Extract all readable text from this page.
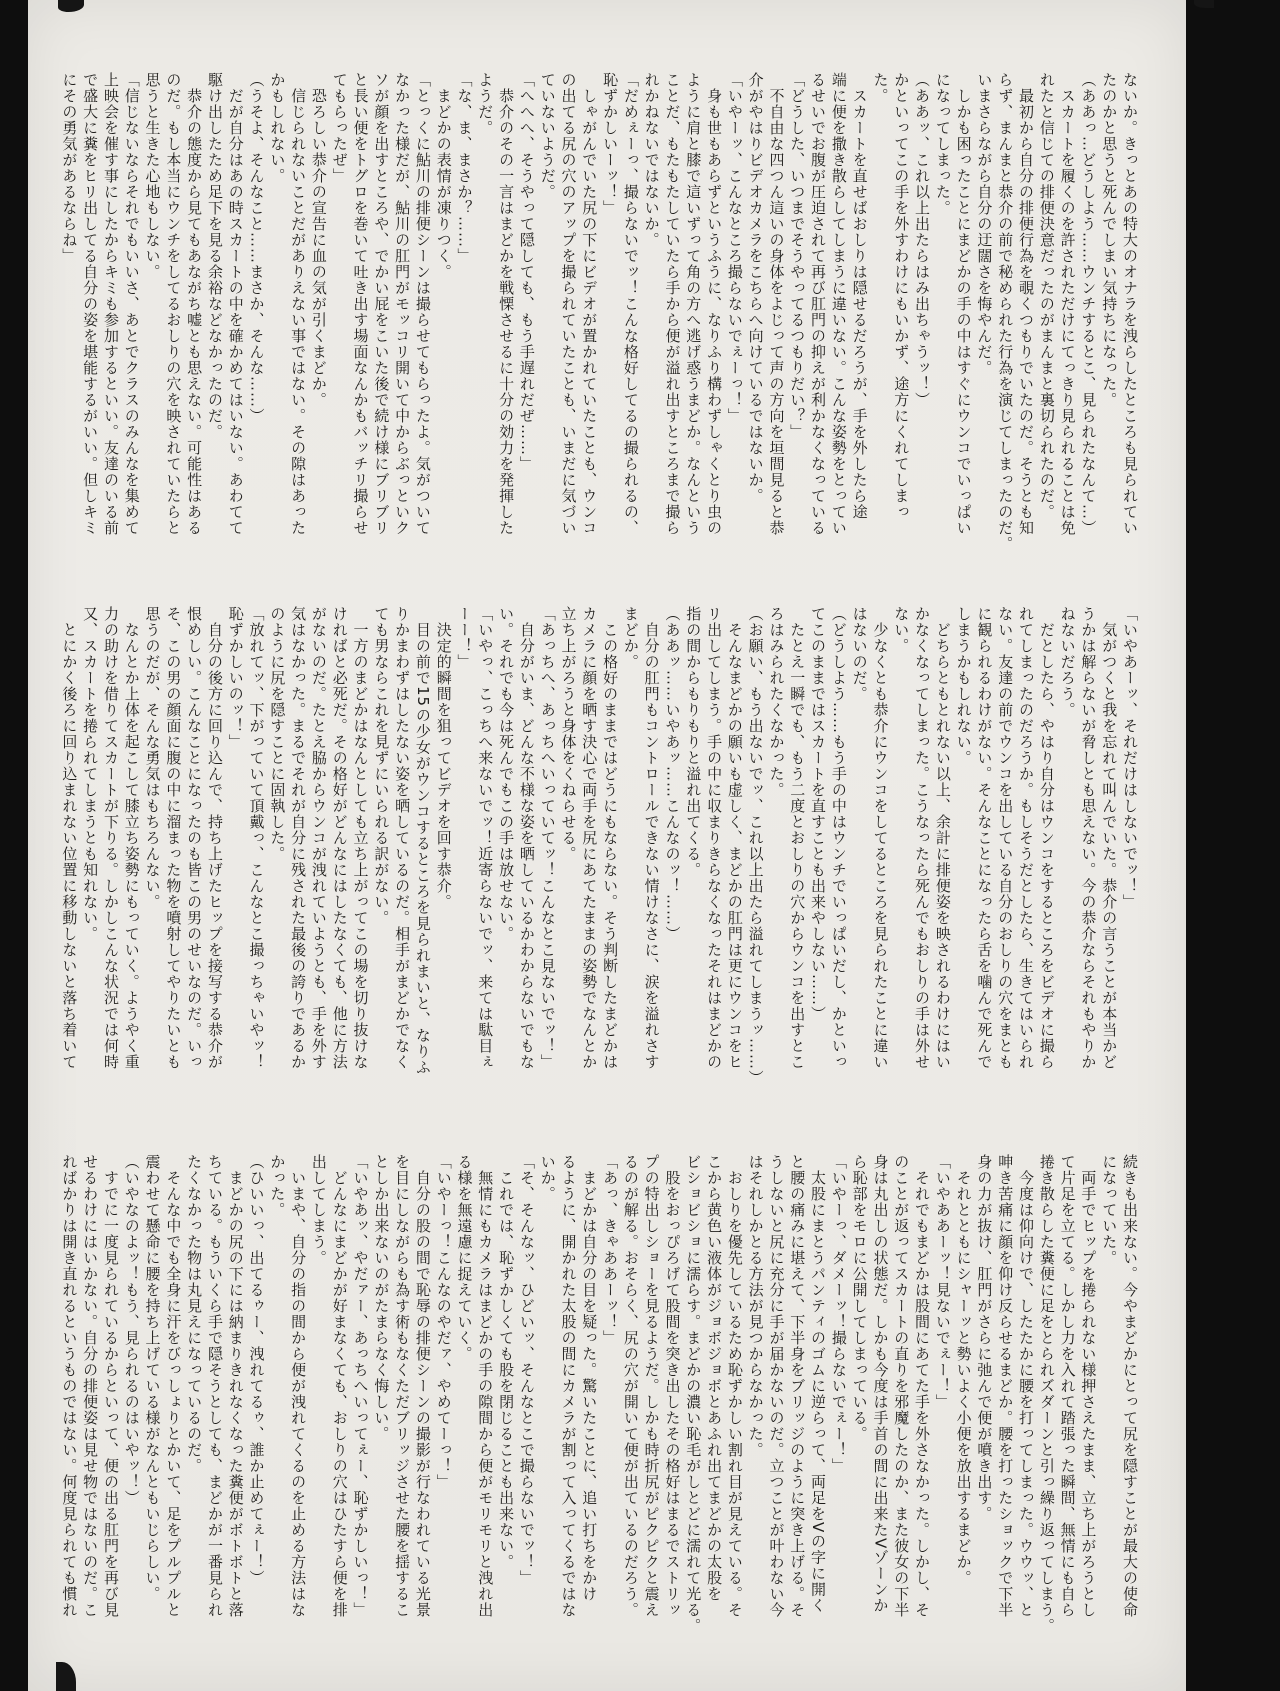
ないか。きっとあの特大のオナラを洩らしたところも見られてい

たのかと思うと死んでしまい気持ちになった。

（ああっ…どうしよう……ウンチするとこ、見られたなんて…）

　スカートを履くのを許されただけにてっきり見られることは免

れたと信じての排便決意だったのがまんまと裏切られたのだ。

　最初から自分の排便行為を覗くつもりでいたのだ。そうとも知

らず、まんまと恭介の前で秘められた行為を演じてしまったのだ。

いまさらながら自分の迂闊さを悔やんだ。

　しかも困ったことにまどかの手の中はすぐにウンコでいっぱい

になってしまった。

（ああッ、これ以上出たらはみ出ちゃうッ！）

かといってこの手を外すわけにもいかず、途方にくれてしまっ

た。

　スカートを直せばおしりは隠せるだろうが、手を外したら途

端に便を撒き散らしてしまうに違いない。こんな姿勢をとってい

るせいでお腹が圧迫されて再び肛門の抑えが利かなくなっている

「どうした、いつまでそうやってるつもりだい？」

　不自由な四つん這いの身体をよじって声の方向を垣間見ると恭

介がやはりビデオカメラをこちらへ向けているではないか。

「いやーッ、こんなところ撮らないでぇーっ！」

　身も世もあらずというふうに、なりふり構わずしゃくとり虫の

ように肩と膝で這いずって角の方へ逃げ惑うまどか。なんという

ことだ、もたもたしていたら手から便が溢れ出すところまで撮ら

れかねないではないか。

「だめぇーっ、撮らないでッ！こんな格好してるの撮られるの、

恥ずかしいーッ！」

　しゃがんでいた尻の下にビデオが置かれていたことも、ウンコ

の出てる尻の穴のアップを撮られていたことも、いまだに気づい

ていないようだ。

「へへへ、そうやって隠しても、もう手遅れだぜ……」

　恭介のその一言はまどかを戦慄させるに十分の効力を発揮した

ようだ。

「な、ま、まさか？……」

　まどかの表情が凍りつく。

「とっくに鮎川の排便シーンは撮らせてもらったよ。気がついて

なかった様だが、鮎川の肛門がモッコリ開いて中からぶっといク

ソが顔を出すところや、でかい屁をこいた後で続け様にブリブリ

と長い便をトグロを巻いて吐き出す場面なんかもバッチリ撮らせ

てもらったぜ」

　恐ろしい恭介の宣告に血の気が引くまどか。

　信じられないことだがありえない事ではない。その隙はあった

かもしれない。

（うそよ、そんなこと……まさか、そんな……）

　だが自分はあの時スカートの中を確かめてはいない。あわてて

駆け出したため足下を見る余裕などなかったのだ。

　恭介の態度から見てもあながち嘘とも思えない。可能性はある

のだ。もし本当にウンチをしてるおしりの穴を映されていたらと

思うと生きた心地もしない。

「信じないならそれでもいいさ、あとでクラスのみんなを集めて

上映会を催す事にしたからキミも参加するといい。友達のいる前

で盛大に糞をヒリ出してる自分の姿を堪能するがいい。但しキミ

にその勇気があるならね」

「いやあーッ、それだけはしないでッ！」

　気がつくと我を忘れて叫んでいた。恭介の言うことが本当かど

うかは解らないが脅しとも思えない。今の恭介ならそれもやりか

ねないだろう。

　だとしたら、やはり自分はウンコをするところをビデオに撮ら

れてしまったのだろうか。もしそうだとしたら、生きてはいられ

ない。友達の前でウンコを出している自分のおしりの穴をまとも

に観られるわけがない。そんなことになったら舌を噛んで死んで

しまうかもしれない。

　どちらともとれない以上、余計に排便姿を映されるわけにはい

かなくなってしまった。こうなったら死んでもおしりの手は外せ

ない。

　少なくとも恭介にウンコをしてるところを見られたことに違い

はないのだ。

（どうしよう……もう手の中はウンチでいっぱいだし、かといっ

てこのままではスカートを直すことも出来やしない……）

　たとえ一瞬でも、もう二度とおしりの穴からウンコを出すとこ

ろはみられたくなかった。

（お願い、もう出ないでッ、これ以上出たら溢れてしまうッ……）

　そんなまどかの願いも虚しく、まどかの肛門は更にウンコをヒ

リ出してしまう。手の中に収まりきらなくなったそれはまどかの

指の間からもりもりと溢れ出てくる。

（ああッ……いやあッ……こんなのッ！……）

　自分の肛門もコントロールできない情けなさに、涙を溢れさす

まどか。

　この格好のままではどうにもならない。そう判断したまどかは

カメラに顔を晒す決心で両手を尻にあてたままの姿勢でなんとか

立ち上がろうと身体をくねらせる。

「あっちへ、あっちへいっていてッ！こんなとこ見ないでッ！」

　自分がいま、どんな不様な姿を晒しているかわからないでもな

い。それでも今は死んでもこの手は放せない。

「いやっ、こっちへ来ないでッ！近寄らないでッ、来ては駄目ぇ

ーー！」

　決定的瞬間を狙ってビデオを回す恭介。

　目の前で15の少女がウンコするところを見られまいと、なりふ

りかまわずはしたない姿を晒しているのだ。相手がまどかでなく

ても男ならこれを見ずにいられる訳がない。

　一方のまどかはなんとしても立ち上がってこの場を切り抜けな

ければと必死だ。その格好がどんなにはしたなくても、他に方法

がないのだ。たとえ脇からウンコが洩れていようとも、手を外す

気はなかった。まるでそれが自分に残された最後の誇りであるか

のように尻を隠すことに固執した。

「放れてッ、下がっていて頂戴っ、こんなとこ撮っちゃいやッ！

恥ずかしいのッ！」

　自分の後方に回り込んで、持ち上げたヒップを接写する恭介が

恨めしい。こんなことになったのも皆この男のせいなのだ。いっ

そ、この男の顔面に腹の中に溜まった物を噴射してやりたいとも

思うのだが、そんな勇気はもちろんない。

　なんとか上体を起こして膝立ち姿勢にもっていく。ようやく重

力の助けを借りてスカートが下りる。しかしこんな状況では何時

又、スカートを捲られてしまうとも知れない。

　とにかく後ろに回り込まれない位置に移動しないと落ち着いて

続きも出来ない。今やまどかにとって尻を隠すことが最大の使命

になっていた。

　両手でヒップを捲られない様押さえたまま、立ち上がろうとし

て片足を立てる。しかし力を入れて踏張った瞬間、無情にも自ら

捲き散らした糞便に足をとられズダーンと引っ繰り返ってしまう。

　今度は仰向けで、したたかに腰を打ってしまった。ウウッ、と

呻き苦痛に顔を仰け反らせるまどか。腰を打ったショックで下半

身の力が抜け、肛門がさらに弛んで便が噴き出す。

　それとともにシャーッと勢いよく小便を放出するまどか。

「いやああーッ！見ないでぇー！」

　それでもまどかは股間にあてた手を外さなかった。しかし、そ

のことが返ってスカートの直りを邪魔したのか、また彼女の下半

身は丸出しの状態だ。しかも今度は手首の間に出来たVゾーンか

ら恥部をモロに公開してしまっている。

「いやーっ、ダメーッ！撮らないでぇー！」

　太股にまとうパンティのゴムに逆らって、両足をVの字に開く

と腰の痛みに堪えて、下半身をブリッジのように突き上げる。そ

うしないと尻に充分に手が届かないのだ。立つことが叶わない今

はそれしかとる方法が見つからなかった。

　おしりを優先しているため恥ずかしい割れ目が見えている。そ

こから黄色い液体がジョボジョボとあふれ出てまどかの太股を

ビショビショに濡らす。まどかの濃い恥毛がしとどに濡れて光る。

　股をおっぴろげて股間を突き出したその格好はまるでストリッ

プの特出しショーを見るようだ。しかも時折尻がピクピクと震え

るのが解る。おそらく、尻の穴が開いて便が出ているのだろう。

「あっ、きゃああーッ！」

　まどかは自分の目を疑った。驚いたことに、追い打ちをかけ

るように、開かれた太股の間にカメラが割って入ってくるではな

いか。

「そ、そんなッ、ひどいッ、そんなとこで撮らないでッ！」

　これでは、恥ずかしくても股を閉じることも出来ない。

　無情にもカメラはまどかの手の隙間から便がモリモリと洩れ出

る様を無遠慮に捉えていく。

「いやーっ！こんなのやだァ、やめてーっ！」

　自分の股の間で恥辱の排便シーンの撮影が行なわれている光景

を目にしながらも為す術もなくただブリッジさせた腰を揺するこ

としか出来ないのがたまらなく悔しい。

「いやあッ、やだァー、あっちへいってぇー、恥ずかしいっ！」

　どんなにまどかが好まなくても、おしりの穴はひたすら便を排

出してしまう。

　いまや、自分の指の間から便が洩れてくるのを止める方法はな

かった。

（ひいいっ、出てるゥー、洩れてるゥ、誰か止めてぇー！）

　まどかの尻の下には納まりきれなくなった糞便がボトボトと落

ちている。もういくら手で隠そうとしても、まどかが一番見られ

たくなかった物は丸見えになっているのだ。

　そんな中でも全身に汗をびっしょりとかいて、足をプルプルと

震わせて懸命に腰を持ち上げている様がなんともいじらしい。

（いやなのよッ！もう、見られるのはいやッ！）

　すでに一度見られているからといって、便の出る肛門を再び見

せるわけにはいかない。自分の排便姿は見せ物ではないのだ。こ

ればかりは開き直れるというものではない。何度見られても慣れ
